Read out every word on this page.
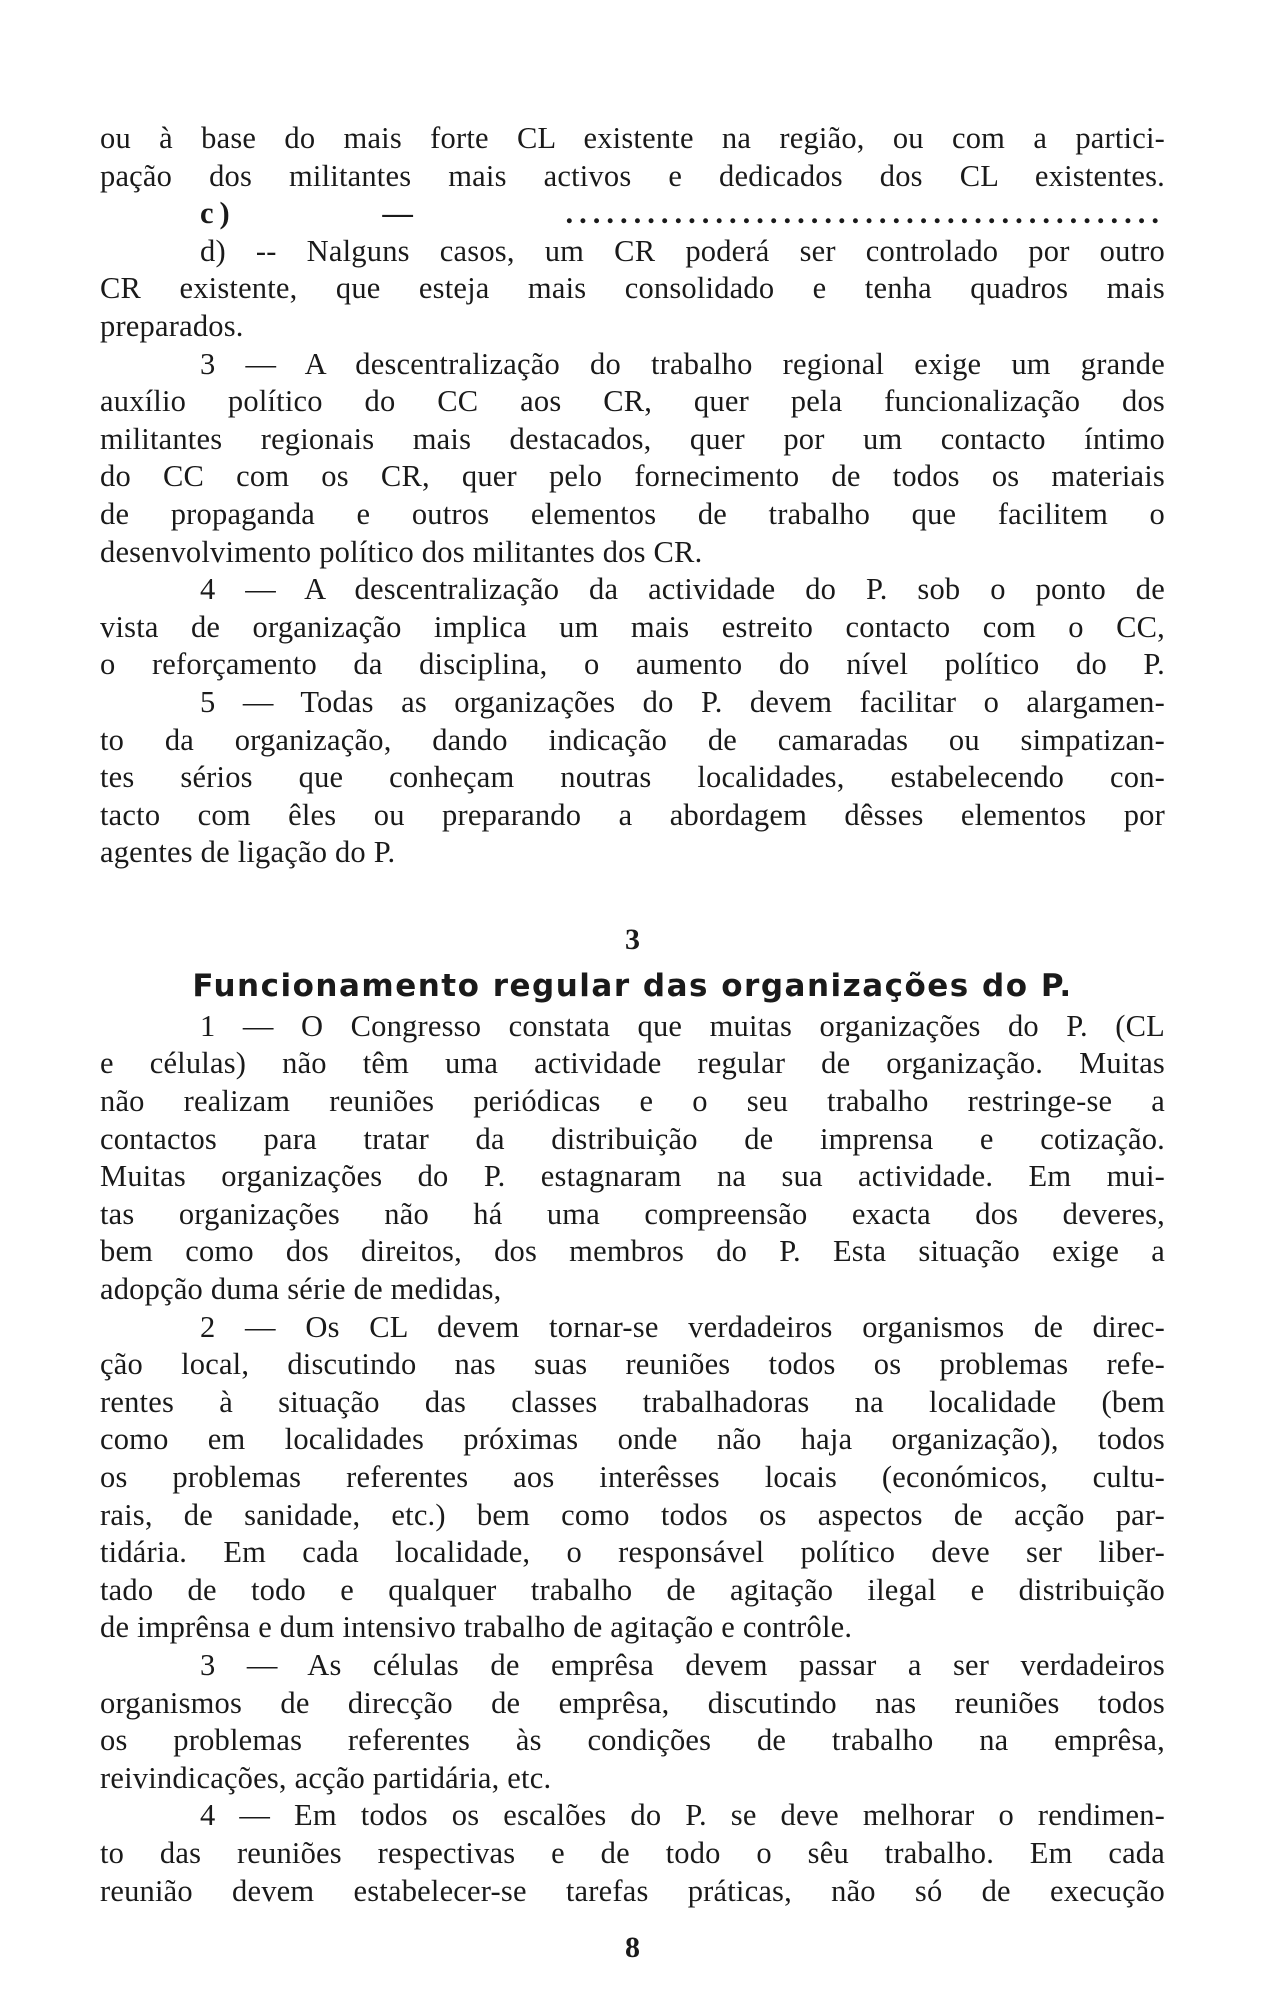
ou à base do mais forte CL existente na região, ou com a partici-
pação dos militantes mais activos e dedicados dos CL existentes.
c) — ............................................
d) -- Nalguns casos, um CR poderá ser controlado por outro
CR existente, que esteja mais consolidado e tenha quadros mais
preparados.
3 — A descentralização do trabalho regional exige um grande
auxílio político do CC aos CR, quer pela funcionalização dos
militantes regionais mais destacados, quer por um contacto íntimo
do CC com os CR, quer pelo fornecimento de todos os materiais
de propaganda e outros elementos de trabalho que facilitem o
desenvolvimento político dos militantes dos CR.
4 — A descentralização da actividade do P. sob o ponto de
vista de organização implica um mais estreito contacto com o CC,
o reforçamento da disciplina, o aumento do nível político do P.
5 — Todas as organizações do P. devem facilitar o alargamen-
to da organização, dando indicação de camaradas ou simpatizan-
tes sérios que conheçam noutras localidades, estabelecendo con-
tacto com êles ou preparando a abordagem dêsses elementos por
agentes de ligação do P.
3
Funcionamento regular das organizações do P.
1 — O Congresso constata que muitas organizações do P. (CL
e células) não têm uma actividade regular de organização. Muitas
não realizam reuniões periódicas e o seu trabalho restringe-se a
contactos para tratar da distribuição de imprensa e cotização.
Muitas organizações do P. estagnaram na sua actividade. Em mui-
tas organizações não há uma compreensão exacta dos deveres,
bem como dos direitos, dos membros do P. Esta situação exige a
adopção duma série de medidas,
2 — Os CL devem tornar-se verdadeiros organismos de direc-
ção local, discutindo nas suas reuniões todos os problemas refe-
rentes à situação das classes trabalhadoras na localidade (bem
como em localidades próximas onde não haja organização), todos
os problemas referentes aos interêsses locais (económicos, cultu-
rais, de sanidade, etc.) bem como todos os aspectos de acção par-
tidária. Em cada localidade, o responsável político deve ser liber-
tado de todo e qualquer trabalho de agitação ilegal e distribuição
de imprênsa e dum intensivo trabalho de agitação e contrôle.
3 — As células de emprêsa devem passar a ser verdadeiros
organismos de direcção de emprêsa, discutindo nas reuniões todos
os problemas referentes às condições de trabalho na emprêsa,
reivindicações, acção partidária, etc.
4 — Em todos os escalões do P. se deve melhorar o rendimen-
to das reuniões respectivas e de todo o sêu trabalho. Em cada
reunião devem estabelecer-se tarefas práticas, não só de execução
8
